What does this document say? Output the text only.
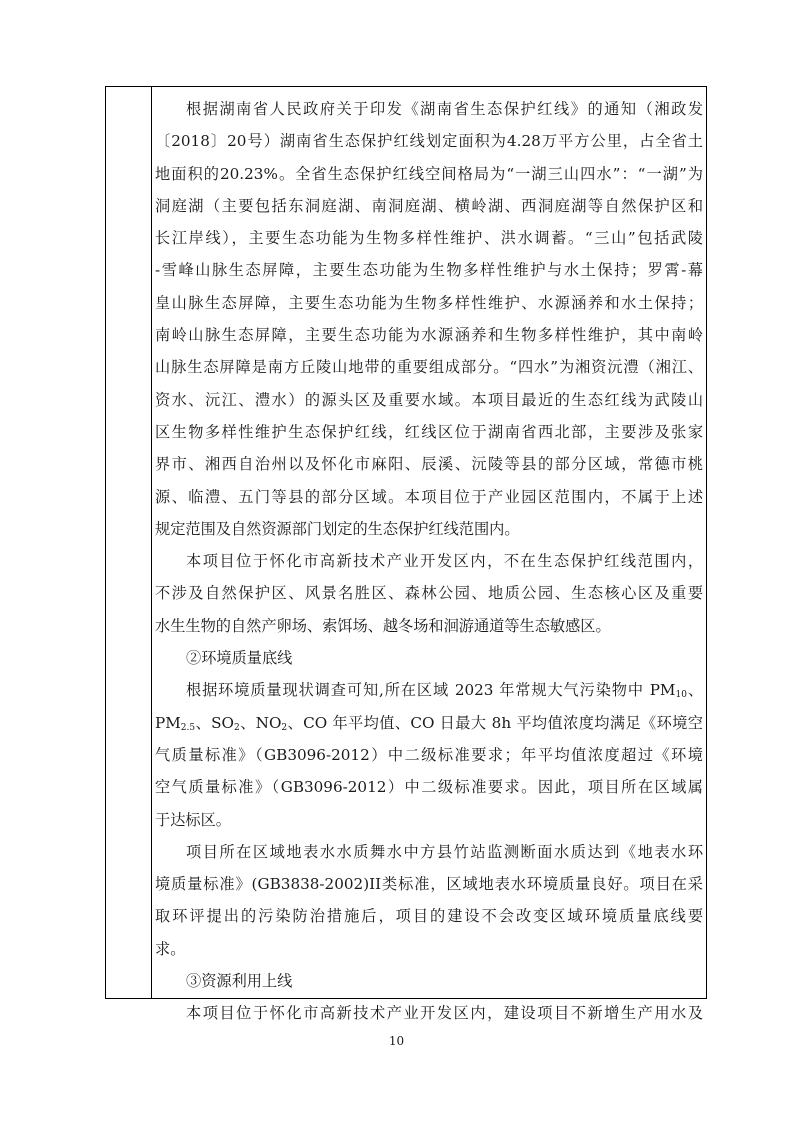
根据湖南省人民政府关于印发《湖南省生态保护红线》的通知（湘政发
〔2018〕20号）湖南省生态保护红线划定面积为4.28万平方公里，占全省土
地面积的20.23%。全省生态保护红线空间格局为“一湖三山四水”：“一湖”为
洞庭湖（主要包括东洞庭湖、南洞庭湖、横岭湖、西洞庭湖等自然保护区和
长江岸线），主要生态功能为生物多样性维护、洪水调蓄。“三山”包括武陵
-雪峰山脉生态屏障，主要生态功能为生物多样性维护与水土保持；罗霄-幕
皇山脉生态屏障，主要生态功能为生物多样性维护、水源涵养和水土保持；
南岭山脉生态屏障，主要生态功能为水源涵养和生物多样性维护，其中南岭
山脉生态屏障是南方丘陵山地带的重要组成部分。“四水”为湘资沅澧（湘江、
资水、沅江、澧水）的源头区及重要水域。本项目最近的生态红线为武陵山
区生物多样性维护生态保护红线，红线区位于湖南省西北部，主要涉及张家
界市、湘西自治州以及怀化市麻阳、辰溪、沅陵等县的部分区域，常德市桃
源、临澧、五门等县的部分区域。本项目位于产业园区范围内，不属于上述
规定范围及自然资源部门划定的生态保护红线范围内。
本项目位于怀化市高新技术产业开发区内，不在生态保护红线范围内，
不涉及自然保护区、风景名胜区、森林公园、地质公园、生态核心区及重要
水生生物的自然产卵场、索饵场、越冬场和洄游通道等生态敏感区。
②环境质量底线
根据环境质量现状调查可知,所在区域 2023 年常规大气污染物中 $PM_{10}$、
$PM_{2.5}$、$SO_2$、$NO_2$、CO 年平均值、CO 日最大 8h 平均值浓度均满足《环境空
气质量标准》（GB3096-2012）中二级标准要求；年平均值浓度超过《环境
空气质量标准》（GB3096-2012）中二级标准要求。因此，项目所在区域属
于达标区。
项目所在区域地表水水质舞水中方县竹站监测断面水质达到《地表水环
境质量标准》(GB3838-2002)II类标准，区域地表水环境质量良好。项目在采
取环评提出的污染防治措施后，项目的建设不会改变区域环境质量底线要
求。
③资源利用上线
本项目位于怀化市高新技术产业开发区内，建设项目不新增生产用水及
10
